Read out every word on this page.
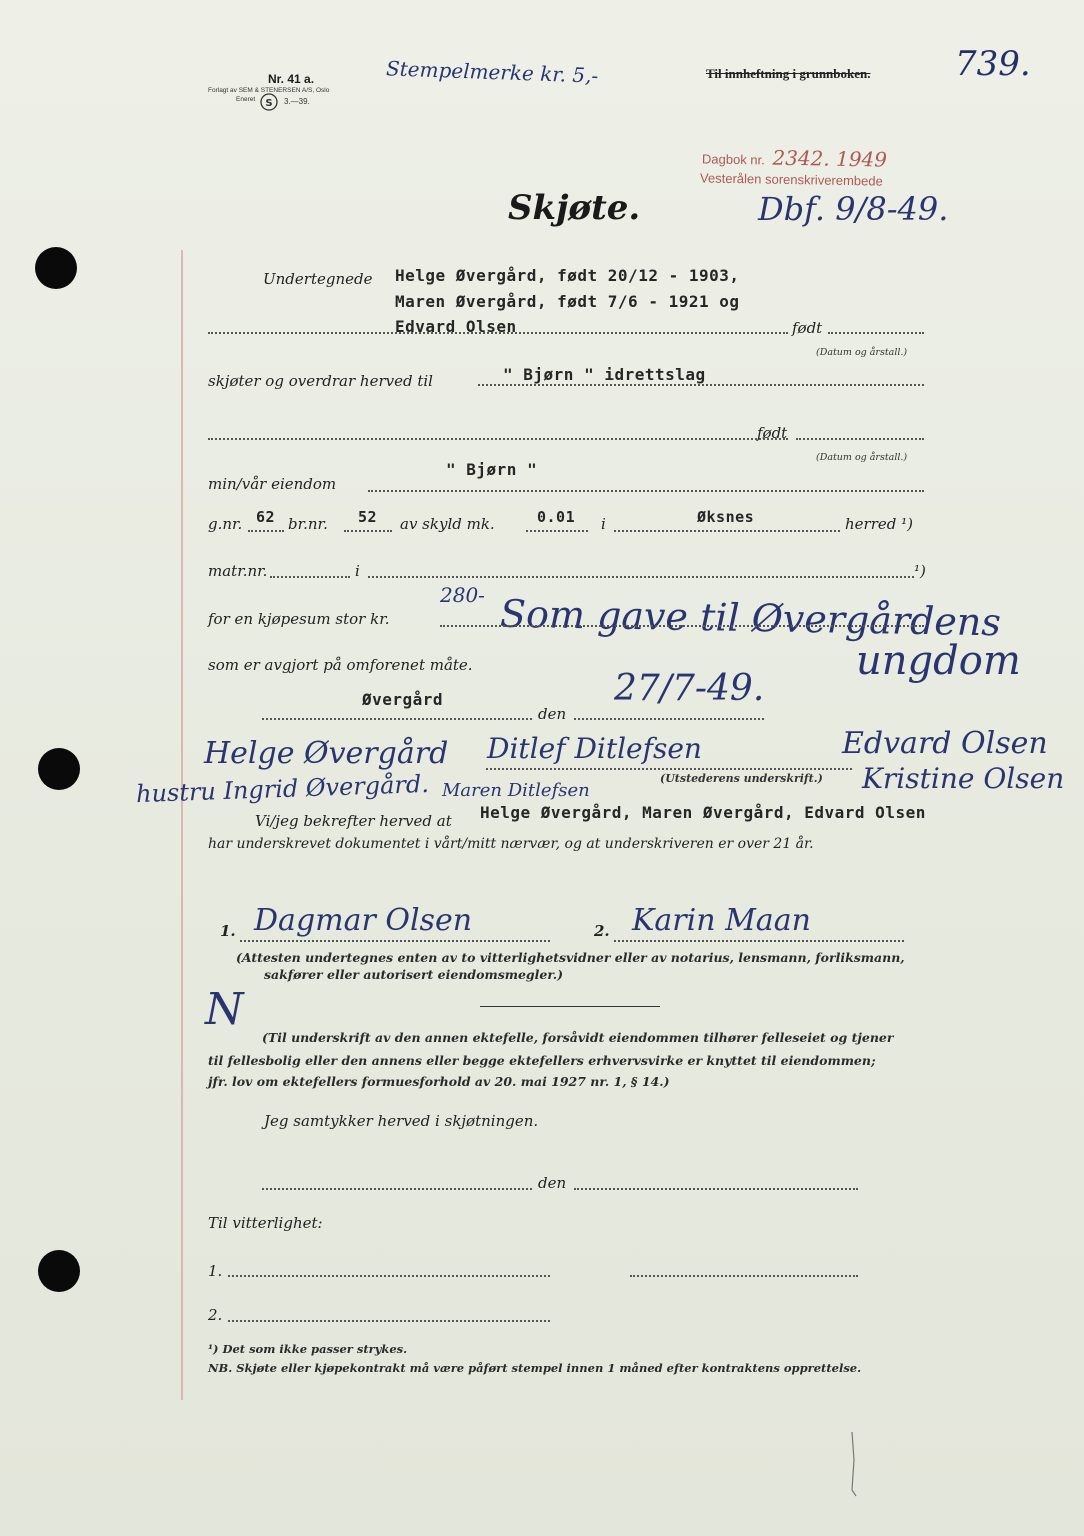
Nr. 41 a.
Forlagt av SEM & STENERSEN A/S, Oslo
Eneret S 3.—39.
Stempelmerke kr. 5,-	Til innheftning i grunnboken. 739.
Dagbok nr. 2342. 1949
Vesterålen sorenskriverembede
Skjøte.	Dbf. 9/8-49.
Undertegnede Helge Øvergård, født 20/12 - 1903,
Maren Øvergård, født 7/6 - 1921 og
Edvard Olsen	født
(Datum og årstall.)
skjøter og overdrar herved til	" Bjørn " idrettslag
født
(Datum og årstall.)
min/vår eiendom
" Bjørn "
g.nr. 62 br.nr. 52 av skyld mk.	0.01 i	Øksnes	herred ¹)
matr.nr.	i	¹)
for en kjøpesum stor kr.
280- Som gave til Øvergårdens
ungdom
som er avgjort på omforenet måte.
Øvergård
den
27/7-49.
Helge Øvergård Ditlef Ditlefsen	Edvard Olsen
(Utstederens underskrift.)
hustru Ingrid Øvergård. Maren Ditlefsen	Kristine Olsen
Vi/jeg bekrefter herved at Helge Øvergård, Maren Øvergård, Edvard Olsen
har underskrevet dokumentet i vårt/mitt nærvær, og at underskriveren er over 21 år.
1. Dagmar Olsen	2. Karin Maan
(Attesten undertegnes enten av to vitterlighetsvidner eller av notarius, lensmann, forliksmann,
sakfører eller autorisert eiendomsmegler.)
N
(Til underskrift av den annen ektefelle, forsåvidt eiendommen tilhører felleseiet og tjener
til fellesbolig eller den annens eller begge ektefellers erhvervsvirke er knyttet til eiendommen;
jfr. lov om ektefellers formuesforhold av 20. mai 1927 nr. 1, § 14.)
Jeg samtykker herved i skjøtningen.
den
Til vitterlighet:
1.
2.
¹) Det som ikke passer strykes.
NB. Skjøte eller kjøpekontrakt må være påført stempel innen 1 måned efter kontraktens opprettelse.
